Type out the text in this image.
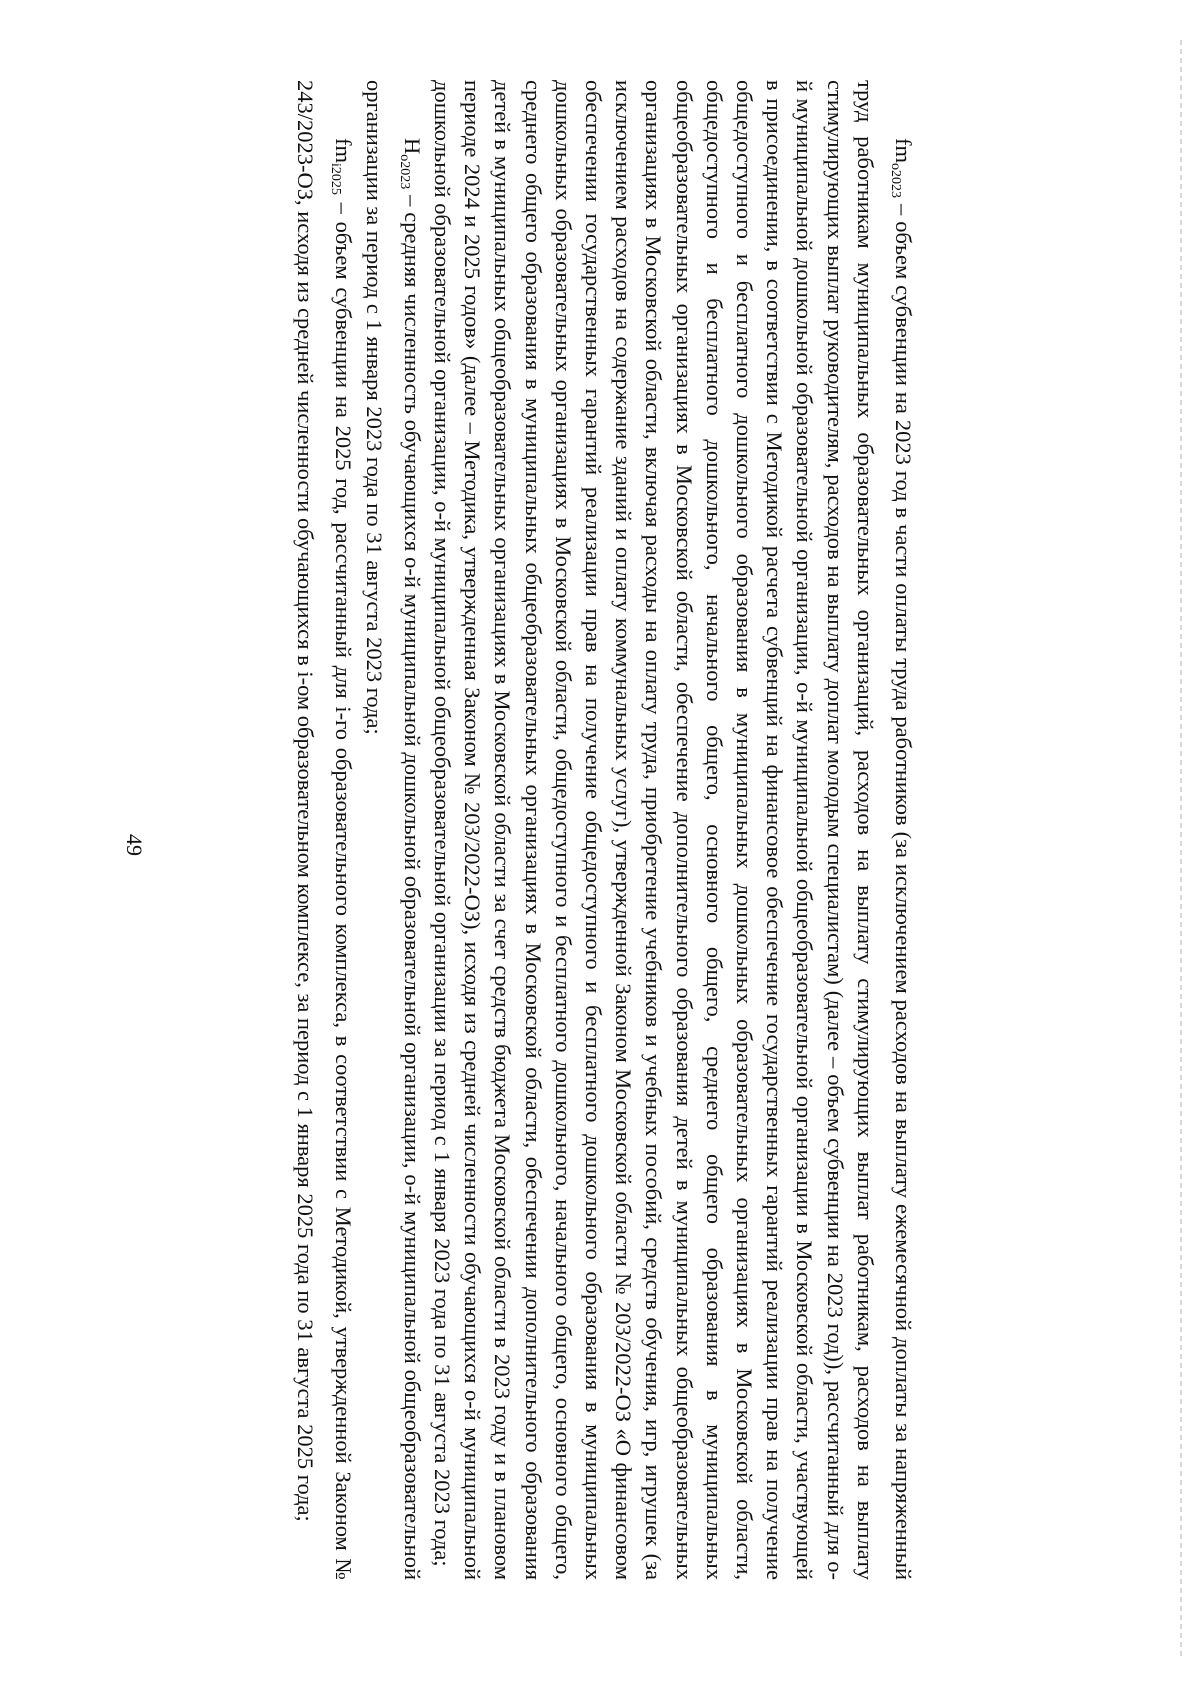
49

$fm_{o2023}$ – объем субвенции на 2023 год в части оплаты труда работников (за исключением расходов на выплату ежемесячной доплаты за напряженный труд работникам муниципальных образовательных организаций, расходов на выплату стимулирующих выплат работникам, расходов на выплату стимулирующих выплат руководителям, расходов на выплату доплат молодым специалистам) (далее – объем субвенции на 2023 год)), рассчитанный для о-й муниципальной дошкольной образовательной организации, о-й муниципальной общеобразовательной организации в Московской области, участвующей в присоединении, в соответствии с Методикой расчета субвенций на финансовое обеспечение государственных гарантий реализации прав на получение общедоступного и бесплатного дошкольного образования в муниципальных дошкольных образовательных организациях в Московской области, общедоступного и бесплатного дошкольного, начального общего, основного общего, среднего общего образования в муниципальных общеобразовательных организациях в Московской области, обеспечение дополнительного образования детей в муниципальных общеобразовательных организациях в Московской области, включая расходы на оплату труда, приобретение учебников и учебных пособий, средств обучения, игр, игрушек (за исключением расходов на содержание зданий и оплату коммунальных услуг), утвержденной Законом Московской области № 203/2022-ОЗ «О финансовом обеспечении государственных гарантий реализации прав на получение общедоступного и бесплатного дошкольного образования в муниципальных дошкольных образовательных организациях в Московской области, общедоступного и бесплатного дошкольного, начального общего, основного общего, среднего общего образования в муниципальных общеобразовательных организациях в Московской области, обеспечении дополнительного образования детей в муниципальных общеобразовательных организациях в Московской области за счет средств бюджета Московской области в 2023 году и в плановом периоде 2024 и 2025 годов» (далее – Методика, утвержденная Законом № 203/2022-ОЗ), исходя из средней численности обучающихся о-й муниципальной дошкольной образовательной организации, о-й муниципальной общеобразовательной организации за период с 1 января 2023 года по 31 августа 2023 года;

$Н_{o2023}$ – средняя численность обучающихся о-й муниципальной дошкольной образовательной организации, о-й муниципальной общеобразовательной организации за период с 1 января 2023 года по 31 августа 2023 года;

$fm_{i2025}$ – объем субвенции на 2025 год, рассчитанный для i-го образовательного комплекса, в соответствии с Методикой, утвержденной Законом № 243/2023-ОЗ, исходя из средней численности обучающихся в i-ом образовательном комплексе, за период с 1 января 2025 года по 31 августа 2025 года;
